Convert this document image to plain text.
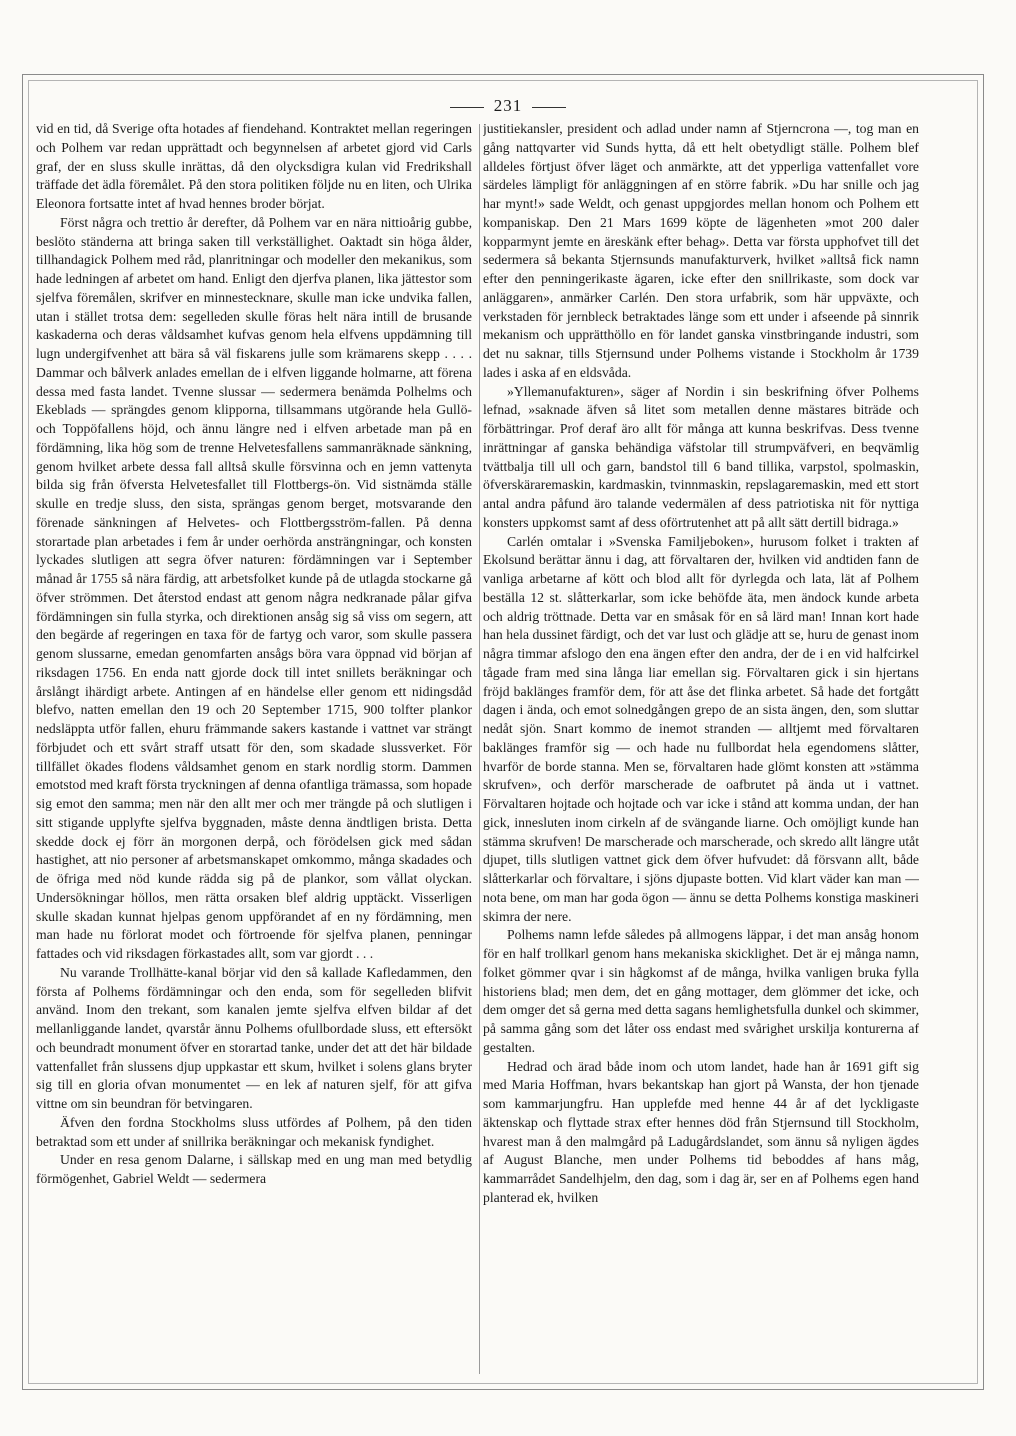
231

vid en tid, då Sverige ofta hotades af fiendehand. Kontraktet mellan regeringen och Polhem var redan upprättadt och begynnelsen af arbetet gjord vid Carls graf, der en sluss skulle inrättas, då den olycksdigra kulan vid Fredrikshall träffade det ädla föremålet. På den stora politiken följde nu en liten, och Ulrika Eleonora fortsatte intet af hvad hennes broder börjat.

Först några och trettio år derefter, då Polhem var en nära nittioårig gubbe, beslöto ständerna att bringa saken till verkställighet. Oaktadt sin höga ålder, tillhandagick Polhem med råd, planritningar och modeller den mekanikus, som hade ledningen af arbetet om hand. Enligt den djerfva planen, lika jättestor som sjelfva föremålen, skrifver en minnestecknare, skulle man icke undvika fallen, utan i stället trotsa dem: segelleden skulle föras helt nära intill de brusande kaskaderna och deras våldsamhet kufvas genom hela elfvens uppdämning till lugn undergifvenhet att bära så väl fiskarens julle som krämarens skepp . . . . Dammar och bålverk anlades emellan de i elfven liggande holmarne, att förena dessa med fasta landet. Tvenne slussar — sedermera benämda Polhelms och Ekeblads — sprängdes genom klipporna, tillsammans utgörande hela Gullö- och Toppöfallens höjd, och ännu längre ned i elfven arbetade man på en fördämning, lika hög som de trenne Helvetesfallens sammanräknade sänkning, genom hvilket arbete dessa fall alltså skulle försvinna och en jemn vattenyta bilda sig från öfversta Helvetesfallet till Flottbergs-ön. Vid sistnämda ställe skulle en tredje sluss, den sista, sprängas genom berget, motsvarande den förenade sänkningen af Helvetes- och Flottbergsström-fallen. På denna storartade plan arbetades i fem år under oerhörda ansträngningar, och konsten lyckades slutligen att segra öfver naturen: fördämningen var i September månad år 1755 så nära färdig, att arbetsfolket kunde på de utlagda stockarne gå öfver strömmen. Det återstod endast att genom några nedkranade pålar gifva fördämningen sin fulla styrka, och direktionen ansåg sig så viss om segern, att den begärde af regeringen en taxa för de fartyg och varor, som skulle passera genom slussarne, emedan genomfarten ansågs böra vara öppnad vid början af riksdagen 1756. En enda natt gjorde dock till intet snillets beräkningar och årslångt ihärdigt arbete. Antingen af en händelse eller genom ett nidingsdåd blefvo, natten emellan den 19 och 20 September 1715, 900 tolfter plankor nedsläppta utför fallen, ehuru främmande sakers kastande i vattnet var strängt förbjudet och ett svårt straff utsatt för den, som skadade slussverket. För tillfället ökades flodens våldsamhet genom en stark nordlig storm. Dammen emotstod med kraft första tryckningen af denna ofantliga trämassa, som hopade sig emot den samma; men när den allt mer och mer trängde på och slutligen i sitt stigande upplyfte sjelfva byggnaden, måste denna ändtligen brista. Detta skedde dock ej förr än morgonen derpå, och förödelsen gick med sådan hastighet, att nio personer af arbetsmanskapet omkommo, många skadades och de öfriga med nöd kunde rädda sig på de plankor, som vållat olyckan. Undersökningar höllos, men rätta orsaken blef aldrig upptäckt. Visserligen skulle skadan kunnat hjelpas genom uppförandet af en ny fördämning, men man hade nu förlorat modet och förtroende för sjelfva planen, penningar fattades och vid riksdagen förkastades allt, som var gjordt . . .

Nu varande Trollhätte-kanal börjar vid den så kallade Kafledammen, den första af Polhems fördämningar och den enda, som för segelleden blifvit använd. Inom den trekant, som kanalen jemte sjelfva elfven bildar af det mellanliggande landet, qvarstår ännu Polhems ofullbordade sluss, ett eftersökt och beundradt monument öfver en storartad tanke, under det att det här bildade vattenfallet från slussens djup uppkastar ett skum, hvilket i solens glans bryter sig till en gloria ofvan monumentet — en lek af naturen sjelf, för att gifva vittne om sin beundran för betvingaren.

Äfven den fordna Stockholms sluss utfördes af Polhem, på den tiden betraktad som ett under af snillrika beräkningar och mekanisk fyndighet.

Under en resa genom Dalarne, i sällskap med en ung man med betydlig förmögenhet, Gabriel Weldt — sedermera

justitiekansler, president och adlad under namn af Stjerncrona —, tog man en gång nattqvarter vid Sunds hytta, då ett helt obetydligt ställe. Polhem blef alldeles förtjust öfver läget och anmärkte, att det ypperliga vattenfallet vore särdeles lämpligt för anläggningen af en större fabrik. »Du har snille och jag har mynt!» sade Weldt, och genast uppgjordes mellan honom och Polhem ett kompaniskap. Den 21 Mars 1699 köpte de lägenheten »mot 200 daler kopparmynt jemte en äreskänk efter behag». Detta var första upphofvet till det sedermera så bekanta Stjernsunds manufakturverk, hvilket »alltså fick namn efter den penningerikaste ägaren, icke efter den snillrikaste, som dock var anläggaren», anmärker Carlén. Den stora urfabrik, som här uppväxte, och verkstaden för jernbleck betraktades länge som ett under i afseende på sinnrik mekanism och upprätthöllo en för landet ganska vinstbringande industri, som det nu saknar, tills Stjernsund under Polhems vistande i Stockholm år 1739 lades i aska af en eldsvåda.

»Yllemanufakturen», säger af Nordin i sin beskrifning öfver Polhems lefnad, »saknade äfven så litet som metallen denne mästares biträde och förbättringar. Prof deraf äro allt för många att kunna beskrifvas. Dess tvenne inrättningar af ganska behändiga väfstolar till strumpväfveri, en beqvämlig tvättbalja till ull och garn, bandstol till 6 band tillika, varpstol, spolmaskin, öfverskäraremaskin, kardmaskin, tvinnmaskin, repslagaremaskin, med ett stort antal andra påfund äro talande vedermälen af dess patriotiska nit för nyttiga konsters uppkomst samt af dess oförtrutenhet att på allt sätt dertill bidraga.»

Carlén omtalar i »Svenska Familjeboken», hurusom folket i trakten af Ekolsund berättar ännu i dag, att förvaltaren der, hvilken vid andtiden fann de vanliga arbetarne af kött och blod allt för dyrlegda och lata, lät af Polhem beställa 12 st. slåtterkarlar, som icke behöfde äta, men ändock kunde arbeta och aldrig tröttnade. Detta var en småsak för en så lärd man! Innan kort hade han hela dussinet färdigt, och det var lust och glädje att se, huru de genast inom några timmar afslogo den ena ängen efter den andra, der de i en vid halfcirkel tågade fram med sina långa liar emellan sig. Förvaltaren gick i sin hjertans fröjd baklänges framför dem, för att åse det flinka arbetet. Så hade det fortgått dagen i ända, och emot solnedgången grepo de an sista ängen, den, som sluttar nedåt sjön. Snart kommo de inemot stranden — alltjemt med förvaltaren baklänges framför sig — och hade nu fullbordat hela egendomens slåtter, hvarför de borde stanna. Men se, förvaltaren hade glömt konsten att »stämma skrufven», och derför marscherade de oafbrutet på ända ut i vattnet. Förvaltaren hojtade och hojtade och var icke i stånd att komma undan, der han gick, innesluten inom cirkeln af de svängande liarne. Och omöjligt kunde han stämma skrufven! De marscherade och marscherade, och skredo allt längre utåt djupet, tills slutligen vattnet gick dem öfver hufvudet: då försvann allt, både slåtterkarlar och förvaltare, i sjöns djupaste botten. Vid klart väder kan man — nota bene, om man har goda ögon — ännu se detta Polhems konstiga maskineri skimra der nere.

Polhems namn lefde således på allmogens läppar, i det man ansåg honom för en half trollkarl genom hans mekaniska skicklighet. Det är ej många namn, folket gömmer qvar i sin hågkomst af de många, hvilka vanligen bruka fylla historiens blad; men dem, det en gång mottager, dem glömmer det icke, och dem omger det så gerna med detta sagans hemlighetsfulla dunkel och skimmer, på samma gång som det låter oss endast med svårighet urskilja konturerna af gestalten.

Hedrad och ärad både inom och utom landet, hade han år 1691 gift sig med Maria Hoffman, hvars bekantskap han gjort på Wansta, der hon tjenade som kammarjungfru. Han upplefde med henne 44 år af det lyckligaste äktenskap och flyttade strax efter hennes död från Stjernsund till Stockholm, hvarest man å den malmgård på Ladugårdslandet, som ännu så nyligen ägdes af August Blanche, men under Polhems tid beboddes af hans måg, kammarrådet Sandelhjelm, den dag, som i dag är, ser en af Polhems egen hand planterad ek, hvilken
